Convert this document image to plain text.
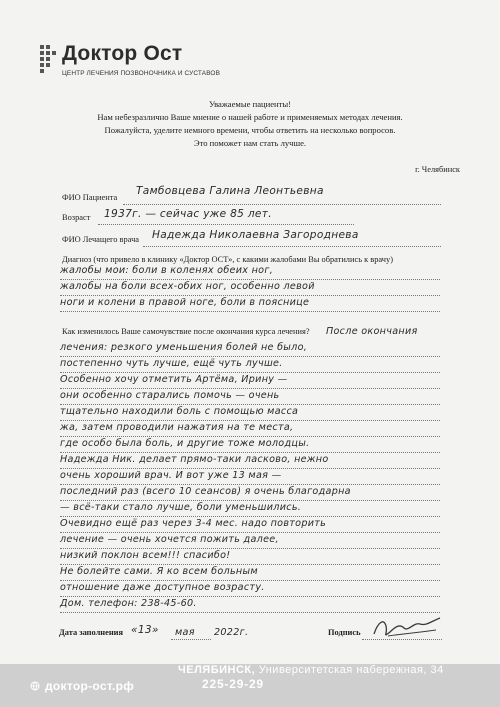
Доктор Ост
ЦЕНТР ЛЕЧЕНИЯ ПОЗВОНОЧНИКА И СУСТАВОВ
Уважаемые пациенты!
Нам небезразлично Ваше мнение о нашей работе и применяемых методах лечения.
Пожалуйста, уделите немного времени, чтобы ответить на несколько вопросов.
Это поможет нам стать лучше.
г. Челябинск
ФИО Пациента
Тамбовцева Галина Леонтьевна
Возраст 1937г. — сейчас уже 85 лет.
ФИО Лечащего врача Надежда Николаевна Загороднева
Диагноз (что привело в клинику «Доктор ОСТ», с какими жалобами Вы обратились к врачу)
жалобы мои: боли в коленях обеих ног,
жалобы на боли всех-обих ног, особенно левой
ноги и колени в правой ноге, боли в пояснице
Как изменилось Ваше самочувствие после окончания курса лечения? После окончания
лечения: резкого уменьшения болей не было,
постепенно чуть лучше, ещё чуть лучше.
Особенно хочу отметить Артёма, Ирину —
они особенно старались помочь — очень
тщательно находили боль с помощью масса
жа, затем проводили нажатия на те места,
где особо была боль, и другие тоже молодцы.
Надежда Ник. делает прямо-таки ласково, нежно
очень хороший врач. И вот уже 13 мая —
последний раз (всего 10 сеансов) я очень благодарна
— всё-таки стало лучше, боли уменьшились.
Очевидно ещё раз через 3-4 мес. надо повторить
лечение — очень хочется пожить далее,
низкий поклон всем!!! спасибо!
Не болейте сами. Я ко всем больным
отношение даже доступное возрасту.
Дом. телефон: 238-45-60.
Дата заполнения «13» мая 2022г.	Подпись
доктор-ост.рф
ЧЕЛЯБИНСК, Университетская набережная, 34
225-29-29
